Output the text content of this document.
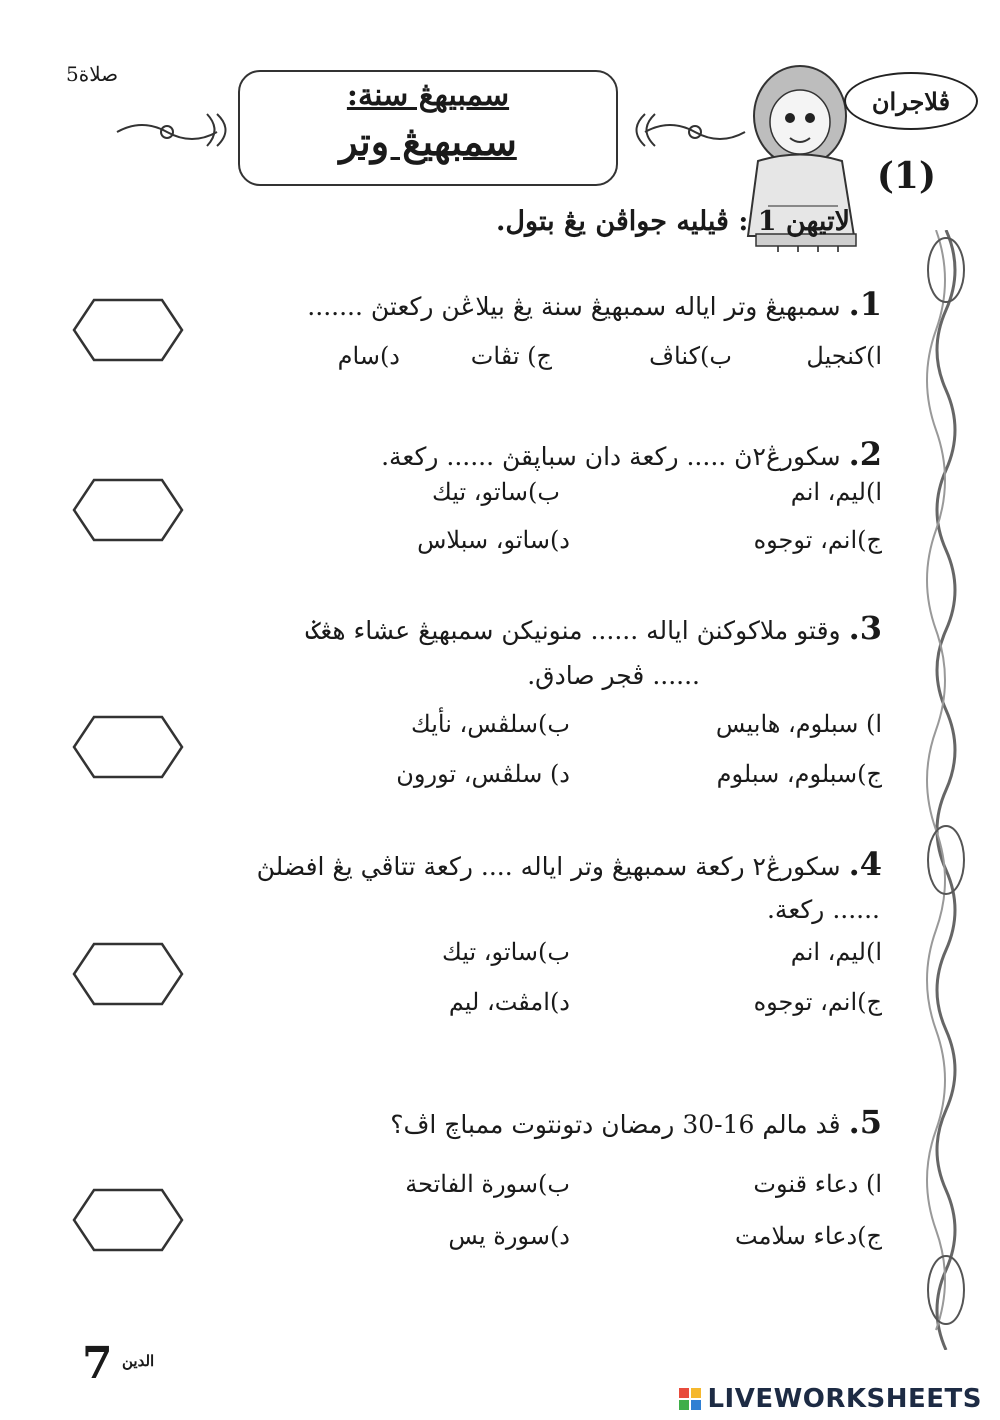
صلاة5
سمبيهڠ سنة:
سمبهيڠ وتر
ڤلاجران
(1)
لاتيهن 1 : ڤيليه جواڤن يڠ بتول.
1. سمبهيڠ وتر اياله سمبهيڠ سنة يڠ بيلاڠن ركعتڽ .......
ا)كنجيل
ب)كناڤ
ج) تڤات
د)سام
2. سكورڠ٢ڽ ..... ركعة دان سباڽقڽ ...... ركعة.
ا)ليم، انم
ب)ساتو، تيك
ج)انم، توجوه
د)ساتو، سبلاس
3. وقتو ملاكوكنڽ اياله ...... منونيكن سمبهيڠ عشاء هڠݢ
...... ڤجر صادق.
ا) سبلوم، هابيس
ب)سلڤس، نأيك
ج)سبلوم، سبلوم
د) سلڤس، تورون
4. سكورڠ٢ ركعة سمبهيڠ وتر اياله .... ركعة تتاڤي يڠ افضلڽ
...... ركعة.
ا)ليم، انم
ب)ساتو، تيك
ج)انم، توجوه
د)امڤت، ليم
5. ڤد مالم 16-30 رمضان دتونتوت ممباچ اڤ؟
ا) دعاء قنوت
ب)سورة الفاتحة
ج)دعاء سلامت
د)سورة يس
7 الدين
LIVEWORKSHEETS
